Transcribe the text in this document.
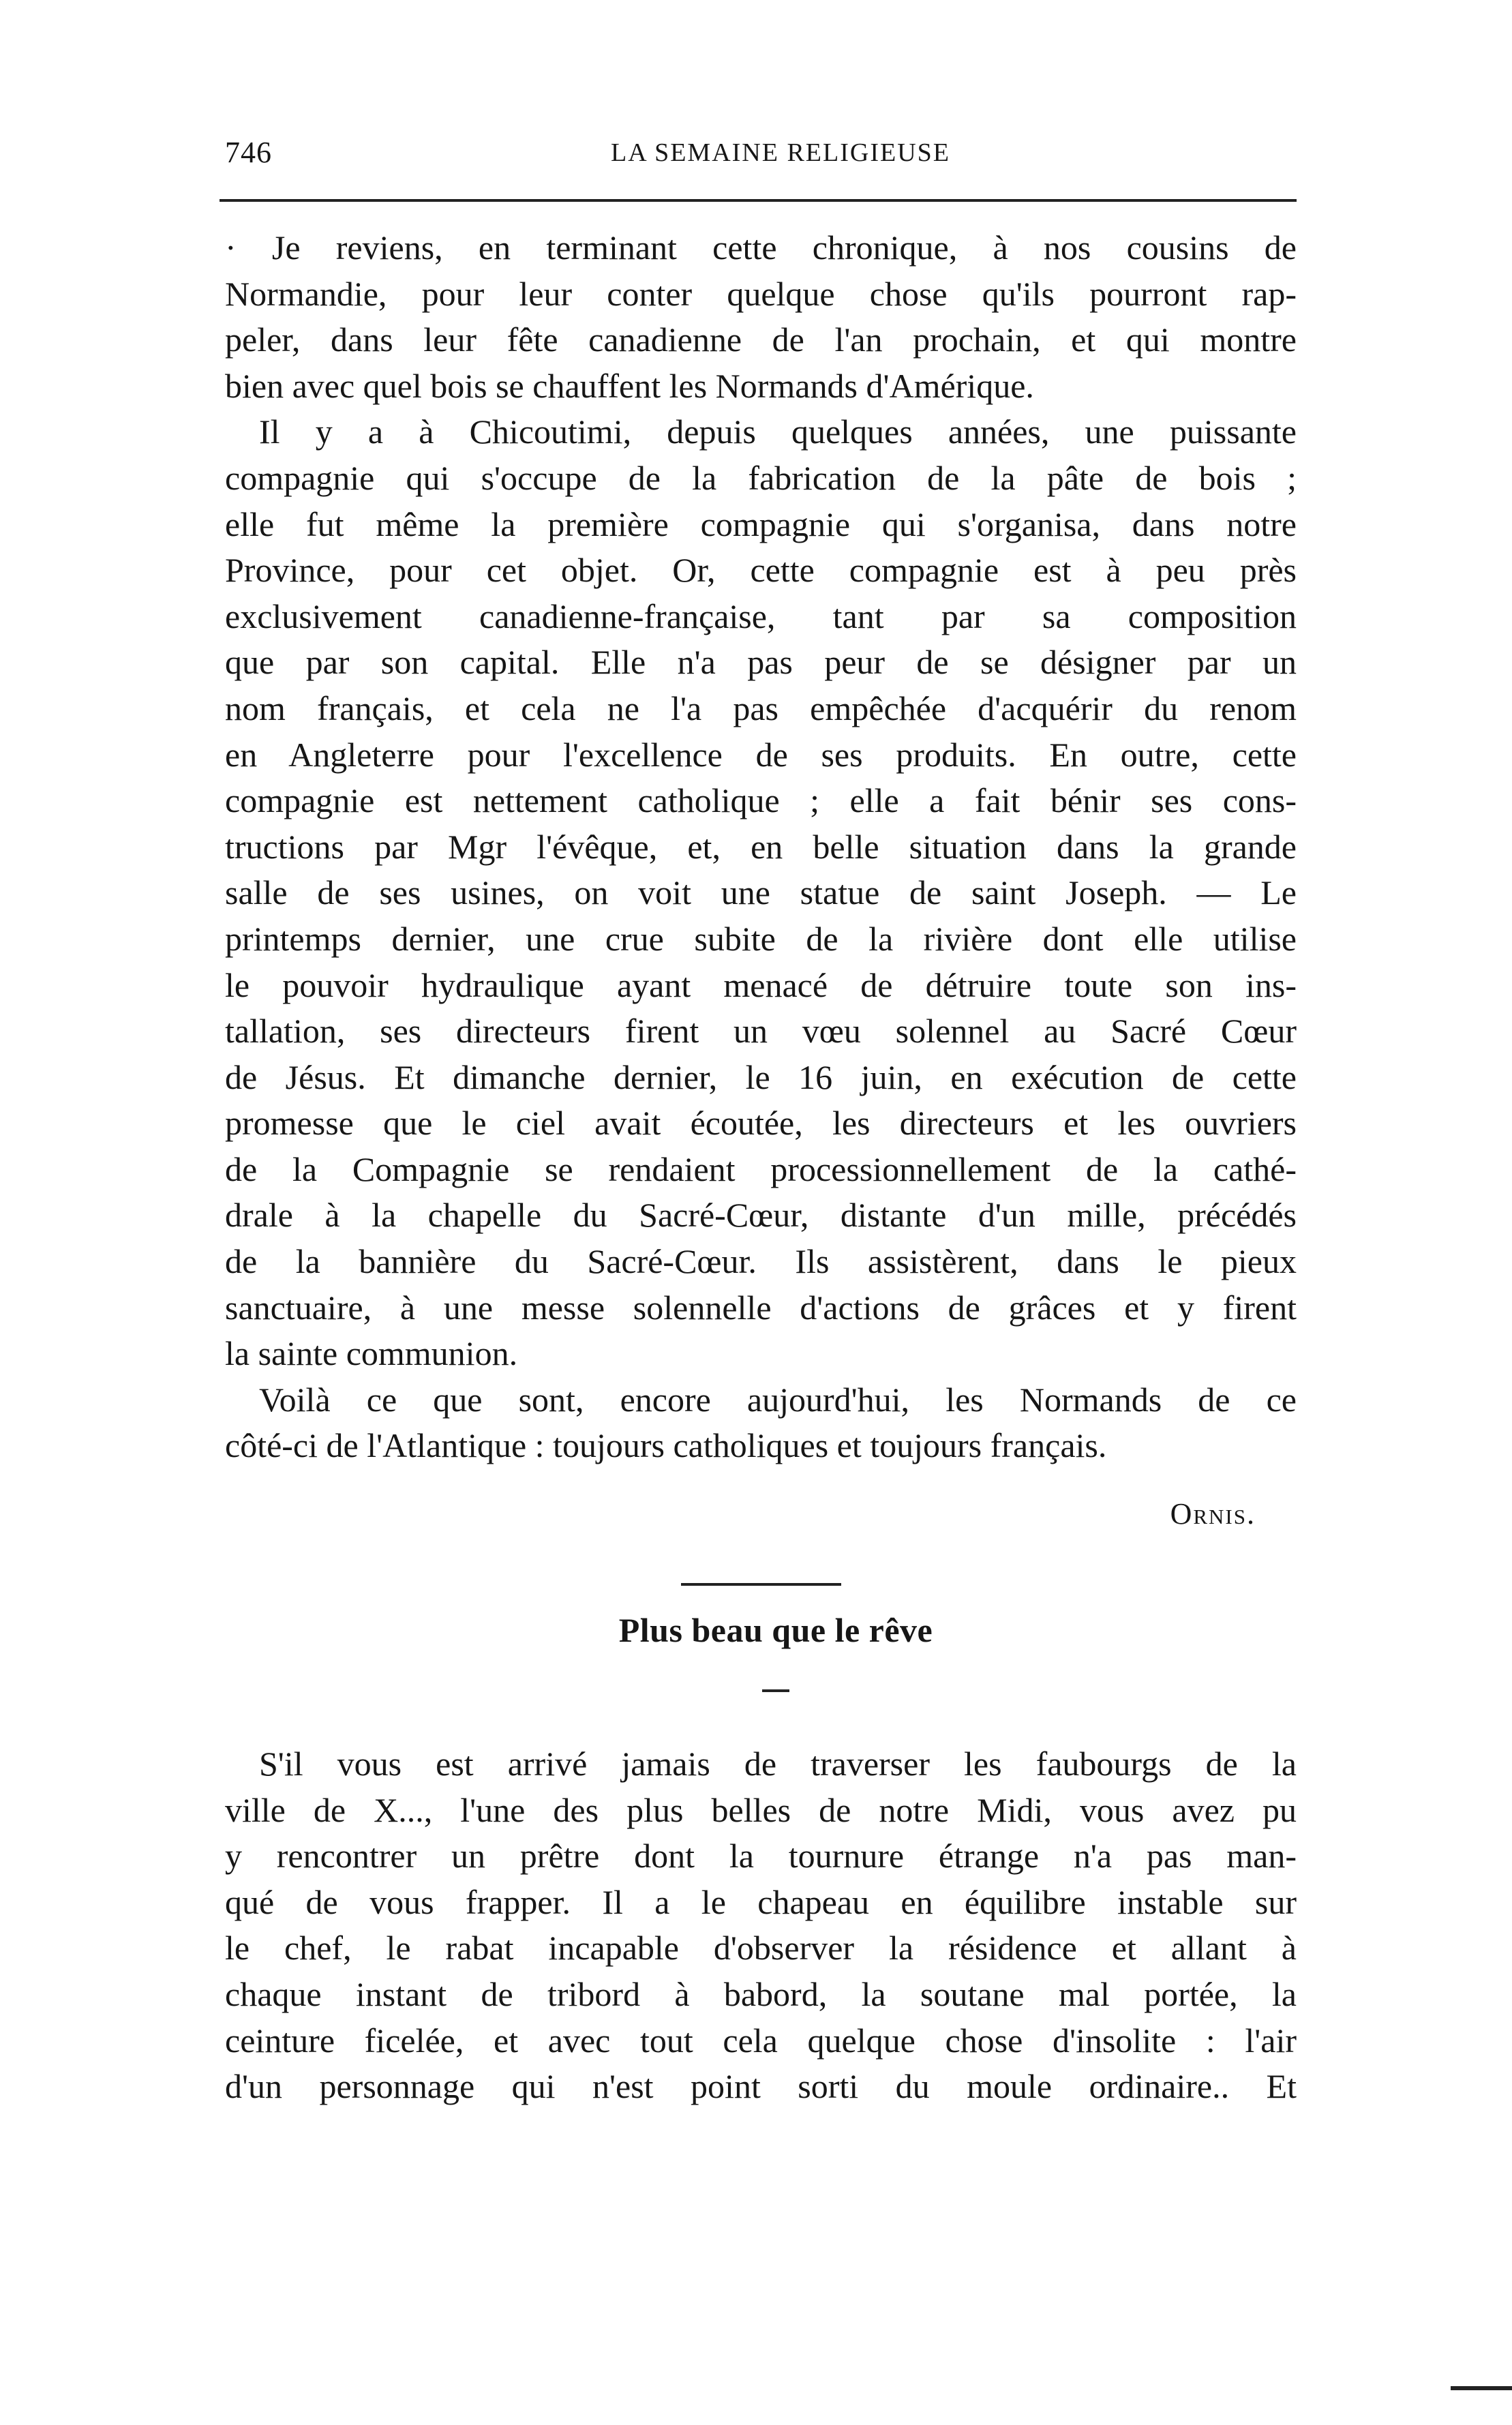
746	LA SEMAINE RELIGIEUSE

· Je reviens, en terminant cette chronique, à nos cousins de
Normandie, pour leur conter quelque chose qu'ils pourront rap-
peler, dans leur fête canadienne de l'an prochain, et qui montre
bien avec quel bois se chauffent les Normands d'Amérique.

Il y a à Chicoutimi, depuis quelques années, une puissante
compagnie qui s'occupe de la fabrication de la pâte de bois ;
elle fut même la première compagnie qui s'organisa, dans notre
Province, pour cet objet. Or, cette compagnie est à peu près
exclusivement canadienne-française, tant par sa composition
que par son capital. Elle n'a pas peur de se désigner par un
nom français, et cela ne l'a pas empêchée d'acquérir du renom
en Angleterre pour l'excellence de ses produits. En outre, cette
compagnie est nettement catholique ; elle a fait bénir ses cons-
tructions par Mgr l'évêque, et, en belle situation dans la grande
salle de ses usines, on voit une statue de saint Joseph. — Le
printemps dernier, une crue subite de la rivière dont elle utilise
le pouvoir hydraulique ayant menacé de détruire toute son ins-
tallation, ses directeurs firent un vœu solennel au Sacré Cœur
de Jésus. Et dimanche dernier, le 16 juin, en exécution de cette
promesse que le ciel avait écoutée, les directeurs et les ouvriers
de la Compagnie se rendaient processionnellement de la cathé-
drale à la chapelle du Sacré-Cœur, distante d'un mille, précédés
de la bannière du Sacré-Cœur. Ils assistèrent, dans le pieux
sanctuaire, à une messe solennelle d'actions de grâces et y firent
la sainte communion.

Voilà ce que sont, encore aujourd'hui, les Normands de ce
côté-ci de l'Atlantique : toujours catholiques et toujours français.

Ornis.
Plus beau que le rêve

S'il vous est arrivé jamais de traverser les faubourgs de la
ville de X..., l'une des plus belles de notre Midi, vous avez pu
y rencontrer un prêtre dont la tournure étrange n'a pas man-
qué de vous frapper. Il a le chapeau en équilibre instable sur
le chef, le rabat incapable d'observer la résidence et allant à
chaque instant de tribord à babord, la soutane mal portée, la
ceinture ficelée, et avec tout cela quelque chose d'insolite : l'air
d'un personnage qui n'est point sorti du moule ordinaire.. Et
